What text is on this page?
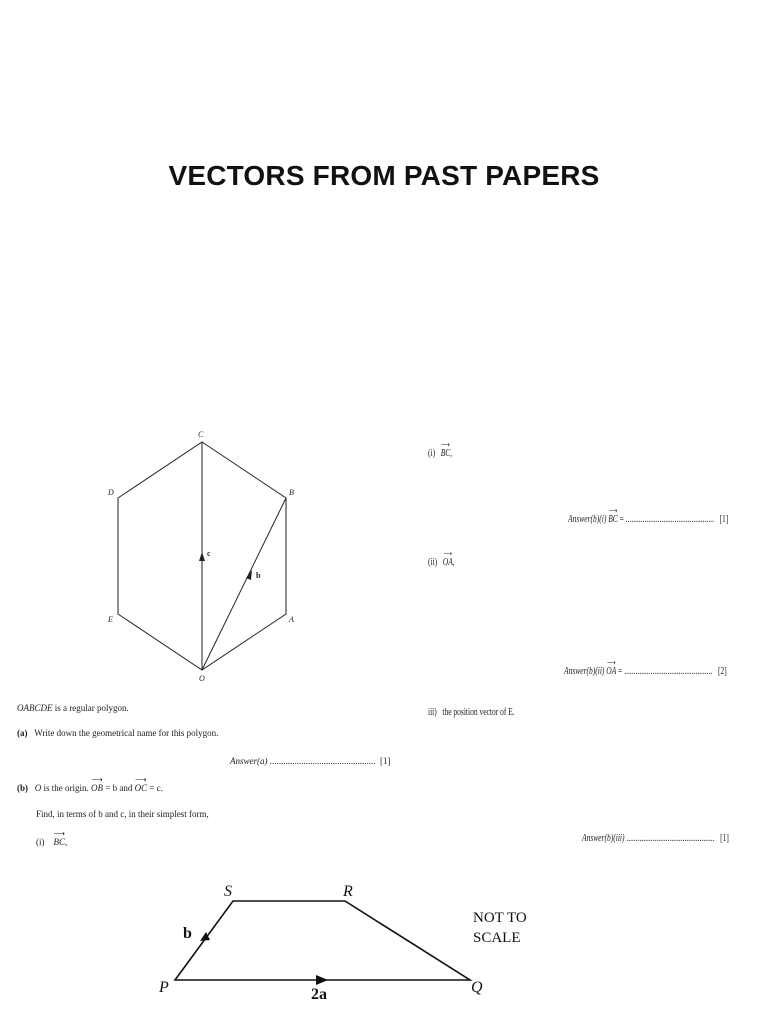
VECTORS FROM PAST PAPERS
C
B
D
E	A
O
c
b
OABCDE is a regular polygon.
(a) Write down the geometrical name for this polygon.
Answer(a) ............................................... [1]
(b) O is the origin. ⟶ OB = b and ⟶ OC = c.
Find, in terms of b and c, in their simplest form,
(i) ⟶ BC,
(i) ⟶ BC,
Answer(b)(i) ⟶ BC = ............................................... [1]
(ii) ⟶ OA,
Answer(b)(ii) ⟶ OA = ............................................... [2]
iii) the position vector of E.
Answer(b)(iii) ............................................... [1]
S	R
P	Q
b
2a
NOT TO
SCALE
